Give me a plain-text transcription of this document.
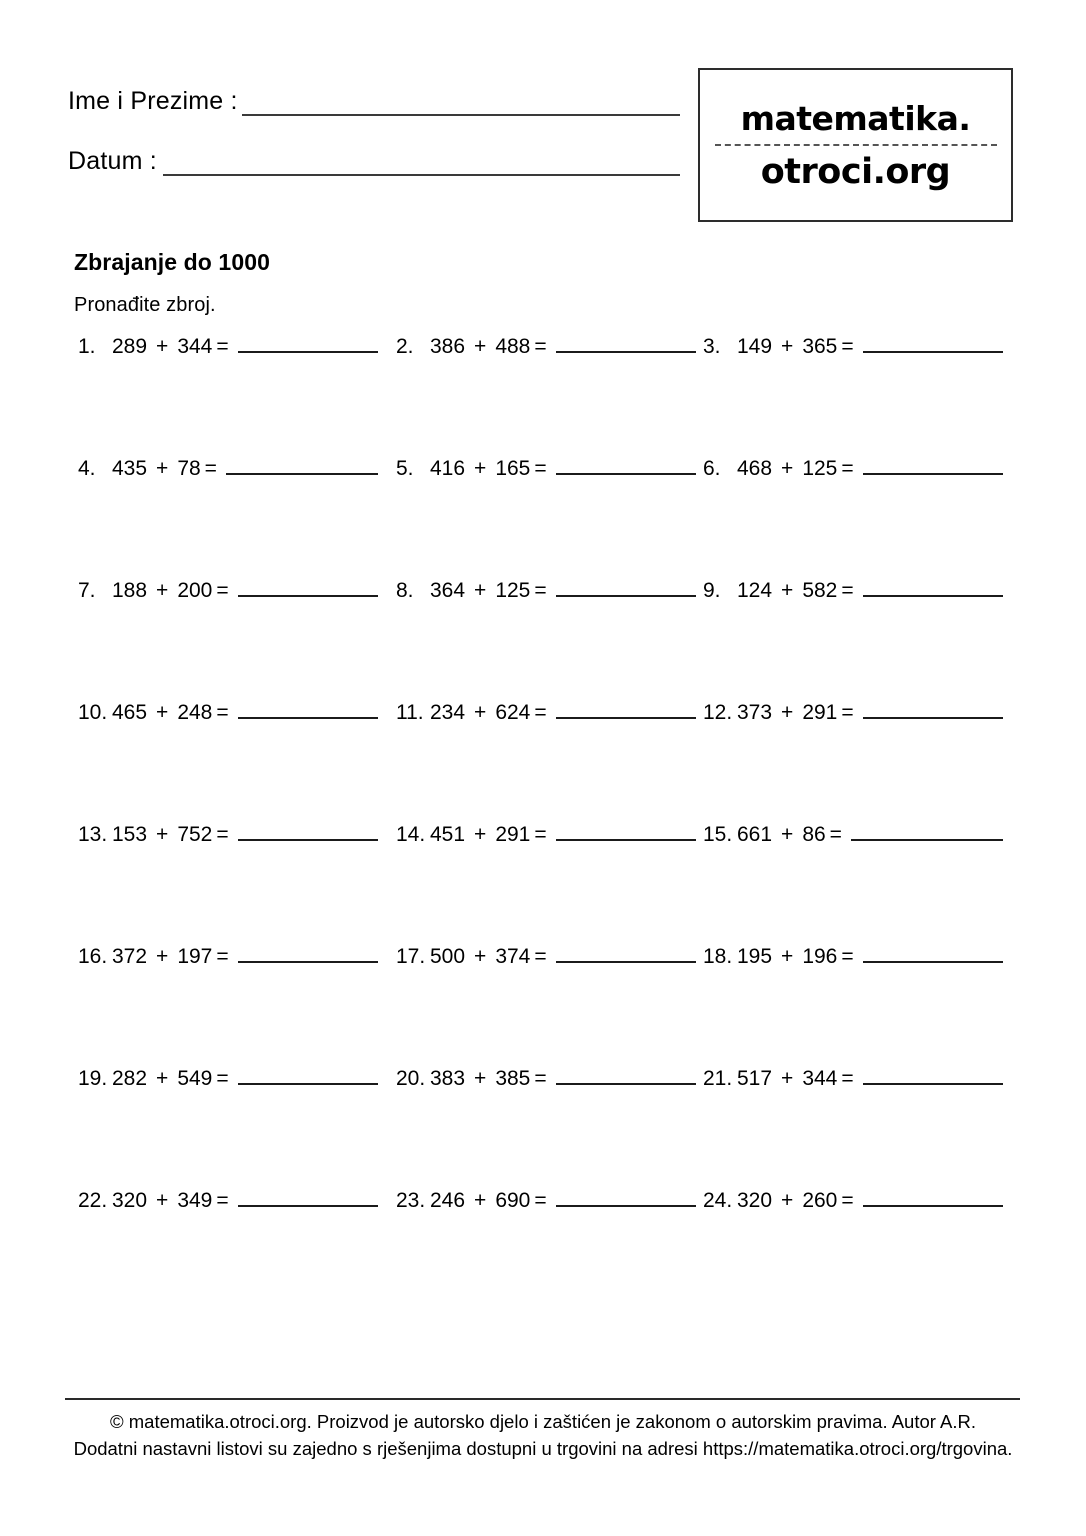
Ime i Prezime :
Datum :
matematika.
otroci.org
Zbrajanje do 1000
Pronađite zbroj.
1. 289 + 344 =	2. 386 + 488 =	3. 149 + 365 =
4. 435 + 78 =	5. 416 + 165 =	6. 468 + 125 =
7. 188 + 200 =	8. 364 + 125 =	9. 124 + 582 =
10. 465 + 248 =	11. 234 + 624 =	12. 373 + 291 =
13. 153 + 752 =	14. 451 + 291 =	15. 661 + 86 =
16. 372 + 197 =	17. 500 + 374 =	18. 195 + 196 =
19. 282 + 549 =	20. 383 + 385 =	21. 517 + 344 =
22. 320 + 349 =	23. 246 + 690 =	24. 320 + 260 =
© matematika.otroci.org. Proizvod je autorsko djelo i zaštićen je zakonom o autorskim pravima. Autor A.R.
Dodatni nastavni listovi su zajedno s rješenjima dostupni u trgovini na adresi https://matematika.otroci.org/trgovina.
